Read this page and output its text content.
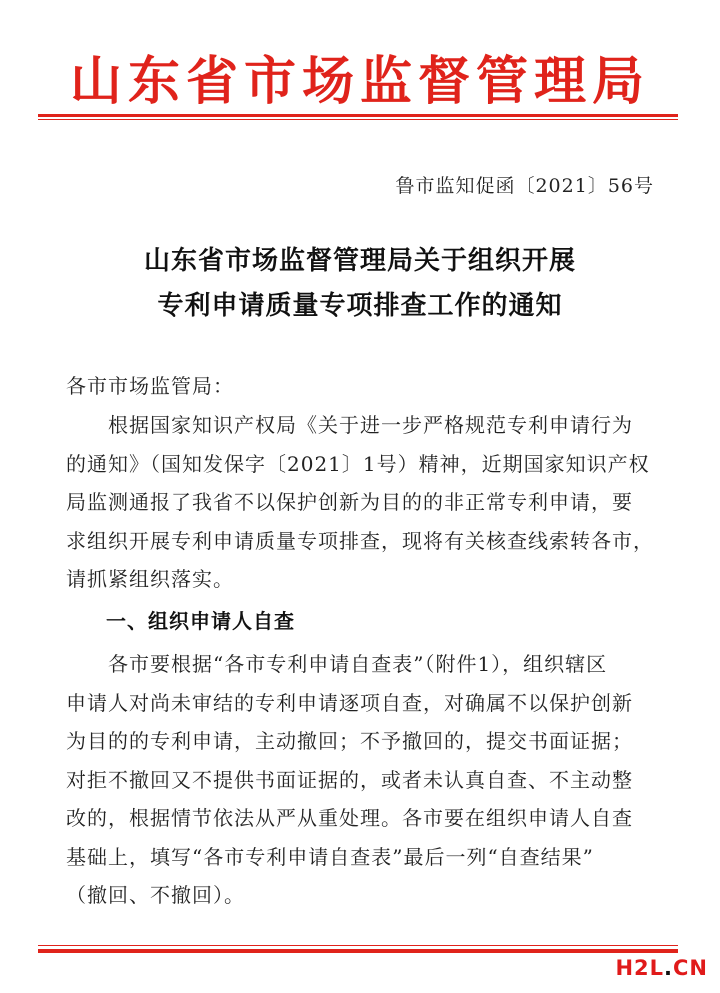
山东省市场监督管理局
鲁市监知促函〔2021〕56号
山东省市场监督管理局关于组织开展
专利申请质量专项排查工作的通知
各市市场监管局：
　　根据国家知识产权局《关于进一步严格规范专利申请行为
的通知》（国知发保字〔2021〕1号）精神，近期国家知识产权
局监测通报了我省不以保护创新为目的的非正常专利申请，要
求组织开展专利申请质量专项排查，现将有关核查线索转各市，
请抓紧组织落实。
一、组织申请人自查
　　各市要根据“各市专利申请自查表”（附件1），组织辖区
申请人对尚未审结的专利申请逐项自查，对确属不以保护创新
为目的的专利申请，主动撤回；不予撤回的，提交书面证据；
对拒不撤回又不提供书面证据的，或者未认真自查、不主动整
改的，根据情节依法从严从重处理。各市要在组织申请人自查
基础上，填写“各市专利申请自查表”最后一列“自查结果”
（撤回、不撤回）。
H2L.CN
